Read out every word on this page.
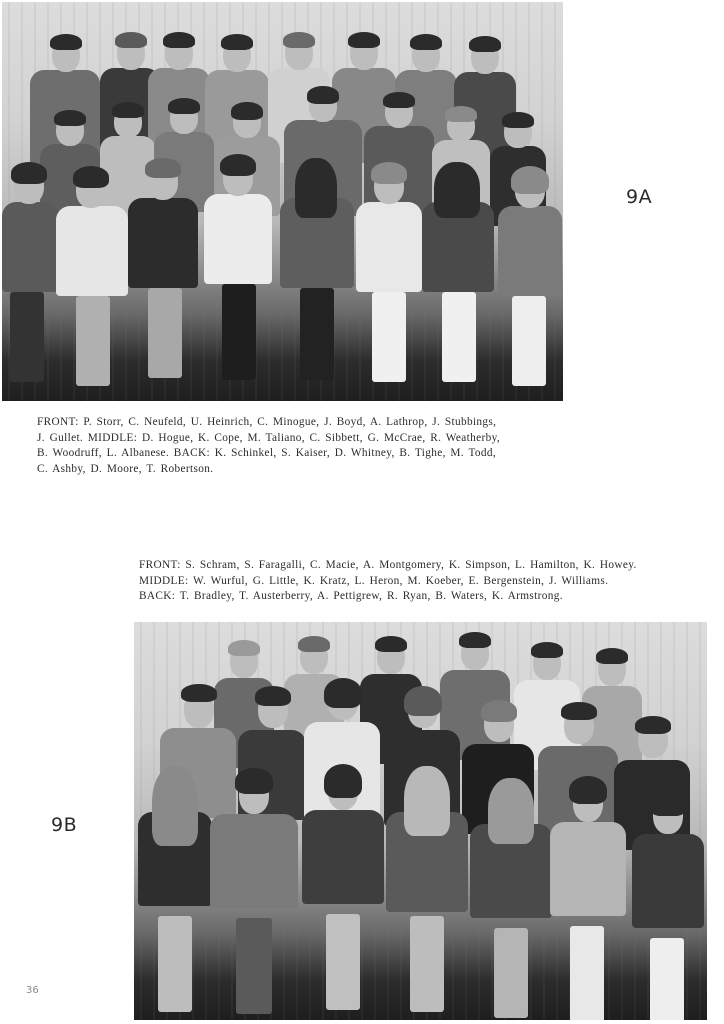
FRONT: P. Storr, C. Neufeld, U. Heinrich, C. Minogue, J. Boyd, A. Lathrop, J. Stubbings,

J. Gullet. MIDDLE: D. Hogue, K. Cope, M. Taliano, C. Sibbett, G. McCrae, R. Weatherby,

B. Woodruff, L. Albanese. BACK: K. Schinkel, S. Kaiser, D. Whitney, B. Tighe, M. Todd,

C. Ashby, D. Moore, T. Robertson.

9A

FRONT: S. Schram, S. Faragalli, C. Macie, A. Montgomery, K. Simpson, L. Hamilton, K. Howey.

MIDDLE: W. Wurful, G. Little, K. Kratz, L. Heron, M. Koeber, E. Bergenstein, J. Williams.

BACK: T. Bradley, T. Austerberry, A. Pettigrew, R. Ryan, B. Waters, K. Armstrong.

9B
36
